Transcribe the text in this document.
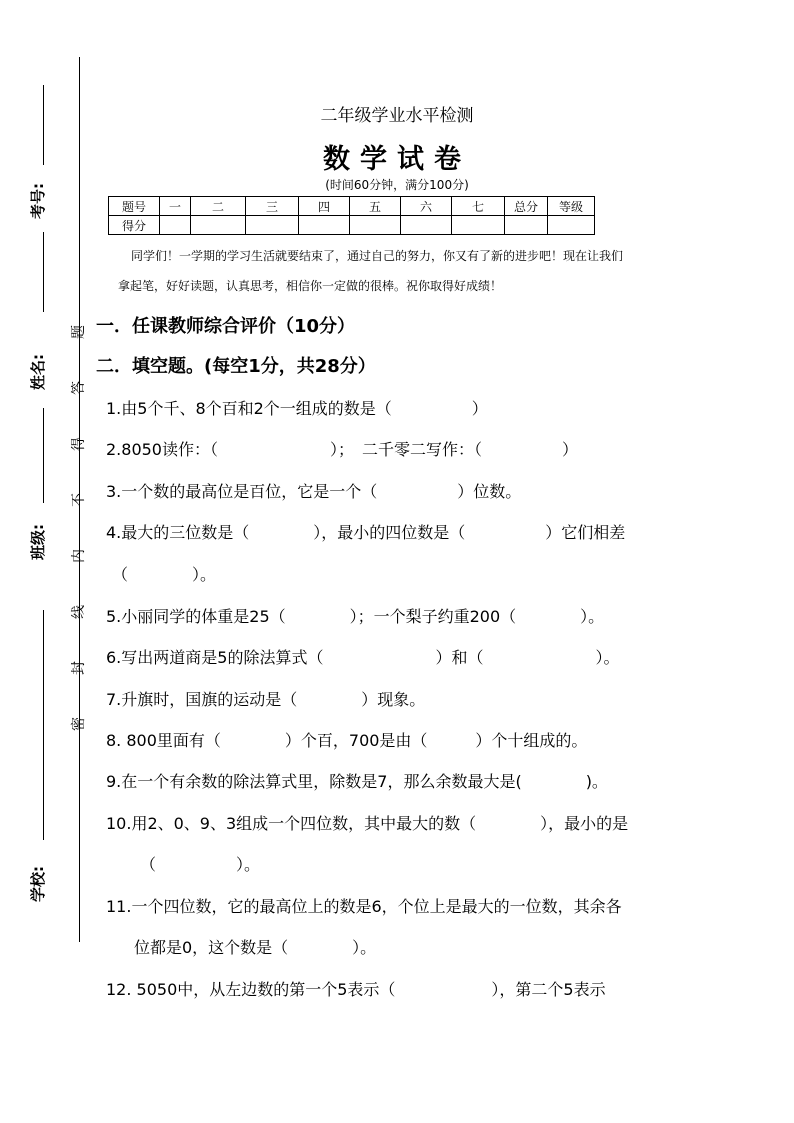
考号:
姓名:
班级:
学校:
题
答
得
不
内
线
封
密
二年级学业水平检测
数学试卷
(时间60分钟，满分100分)
题号	一	二	三	四	五	六	七	总分	等级
得分									
同学们！一学期的学习生活就要结束了，通过自己的努力，你又有了新的进步吧！现在让我们
拿起笔，好好读题，认真思考，相信你一定做的很棒。祝你取得好成绩！
一．任课教师综合评价（10分）
二．填空题。(每空1分，共28分）
1.由5个千、8个百和2个一组成的数是（　　　　　）
2.8050读作：（　　　　　　　）；　二千零二写作：（　　　　　）
3.一个数的最高位是百位，它是一个（　　　　　）位数。
4.最大的三位数是（　　　　），最小的四位数是（　　　　　）它们相差
（　　　　）。
5.小丽同学的体重是25（　　　　）；一个梨子约重200（　　　　）。
6.写出两道商是5的除法算式（　　　　　　　）和（　　　　　　　）。
7.升旗时，国旗的运动是（　　　　）现象。
8. 800里面有（　　　　）个百，700是由（　　　）个十组成的。
9.在一个有余数的除法算式里，除数是7，那么余数最大是(　　　　)。
10.用2、0、9、3组成一个四位数，其中最大的数（　　　　），最小的是
（　　　　　）。
11.一个四位数，它的最高位上的数是6，个位上是最大的一位数，其余各
位都是0，这个数是（　　　　）。
12. 5050中，从左边数的第一个5表示（　　　　　　），第二个5表示
